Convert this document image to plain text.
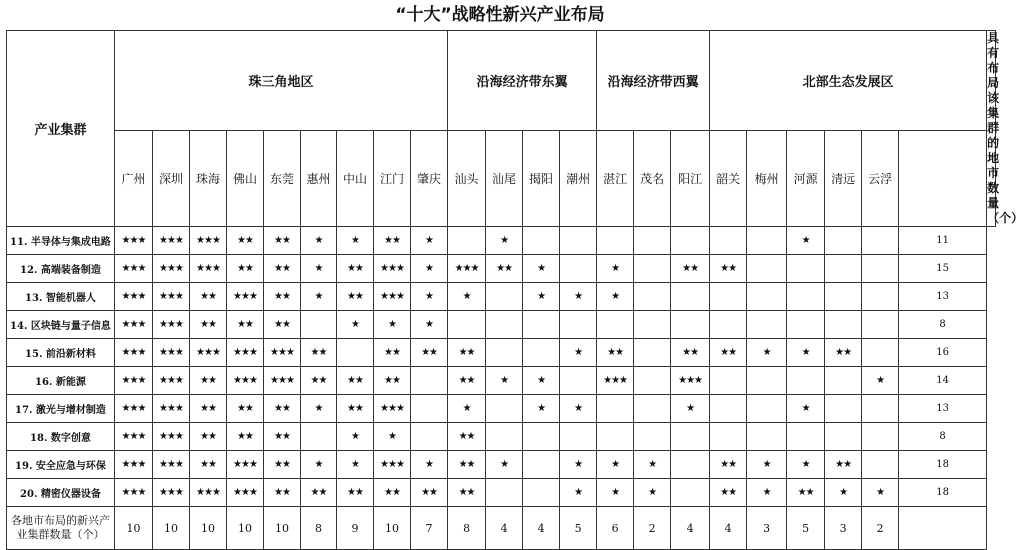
“十大”战略性新兴产业布局
产业集群	珠三角地区									沿海经济带东翼				沿海经济带西翼			北部生态发展区						具有布局该集群的地市数量（个）
	广州	深圳	珠海	佛山	东莞	惠州	中山	江门	肇庆	汕头	汕尾	揭阳	潮州	湛江	茂名	阳江	韶关	梅州	河源	清远	云浮		
11. 半导体与集成电路	★★★	★★★	★★★	★★	★★	★	★	★★	★		★								★			11	
12. 高端装备制造	★★★	★★★	★★★	★★	★★	★	★★	★★★	★	★★★	★★	★		★		★★	★★					15	
13. 智能机器人	★★★	★★★	★★	★★★	★★	★	★★	★★★	★	★		★	★	★								13	
14. 区块链与量子信息	★★★	★★★	★★	★★	★★		★	★	★													8	
15. 前沿新材料	★★★	★★★	★★★	★★★	★★★	★★		★★	★★	★★			★	★★		★★	★★	★	★	★★		16	
16. 新能源	★★★	★★★	★★	★★★	★★★	★★	★★	★★		★★	★	★		★★★		★★★					★	14	
17. 激光与增材制造	★★★	★★★	★★	★★	★★	★	★★	★★★		★		★	★			★			★			13	
18. 数字创意	★★★	★★★	★★	★★	★★		★	★		★★												8	
19. 安全应急与环保	★★★	★★★	★★	★★★	★★	★	★	★★★	★	★★	★		★	★	★		★★	★	★	★★		18	
20. 精密仪器设备	★★★	★★★	★★★	★★★	★★	★★	★★	★★	★★	★★			★	★	★		★★	★	★★	★	★	18	
各地市布局的新兴产业集群数量（个）	10	10	10	10	10	8	9	10	7	8	4	4	5	6	2	4	4	3	5	3	2		
